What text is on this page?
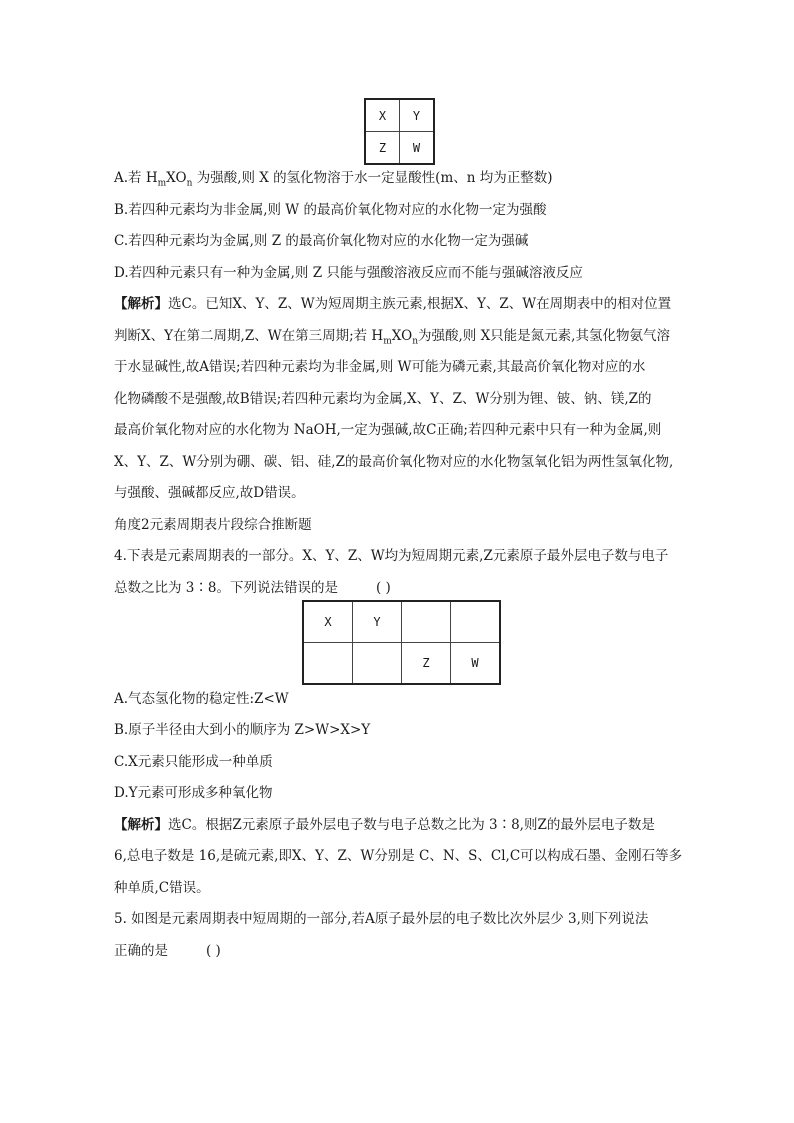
X	Y
Z	W
A.若 $H_mXO_n$ 为强酸,则 X 的氢化物溶于水一定显酸性(m、n 均为正整数)
B.若四种元素均为非金属,则 W 的最高价氧化物对应的水化物一定为强酸
C.若四种元素均为金属,则 Z 的最高价氧化物对应的水化物一定为强碱
D.若四种元素只有一种为金属,则 Z 只能与强酸溶液反应而不能与强碱溶液反应
【解析】选C。已知X、Y、Z、W为短周期主族元素,根据X、Y、Z、W在周期表中的相对位置
判断X、Y在第二周期,Z、W在第三周期;若 $H_mXO_n$为强酸,则 X只能是氮元素,其氢化物氨气溶
于水显碱性,故A错误;若四种元素均为非金属,则 W可能为磷元素,其最高价氧化物对应的水
化物磷酸不是强酸,故B错误;若四种元素均为金属,X、Y、Z、W分别为锂、铍、钠、镁,Z的
最高价氧化物对应的水化物为 NaOH,一定为强碱,故C正确;若四种元素中只有一种为金属,则
X、Y、Z、W分别为硼、碳、铝、硅,Z的最高价氧化物对应的水化物氢氧化铝为两性氢氧化物,
与强酸、强碱都反应,故D错误。
角度2元素周期表片段综合推断题
4.下表是元素周期表的一部分。X、Y、Z、W均为短周期元素,Z元素原子最外层电子数与电子
总数之比为 3∶8。下列说法错误的是	( )
X	Y		
		Z	W
A.气态氢化物的稳定性:Z<W
B.原子半径由大到小的顺序为 Z>W>X>Y
C.X元素只能形成一种单质
D.Y元素可形成多种氧化物
【解析】选C。根据Z元素原子最外层电子数与电子总数之比为 3∶8,则Z的最外层电子数是
6,总电子数是 16,是硫元素,即X、Y、Z、W分别是 C、N、S、Cl,C可以构成石墨、金刚石等多
种单质,C错误。
5. 如图是元素周期表中短周期的一部分,若A原子最外层的电子数比次外层少 3,则下列说法
正确的是	( )
